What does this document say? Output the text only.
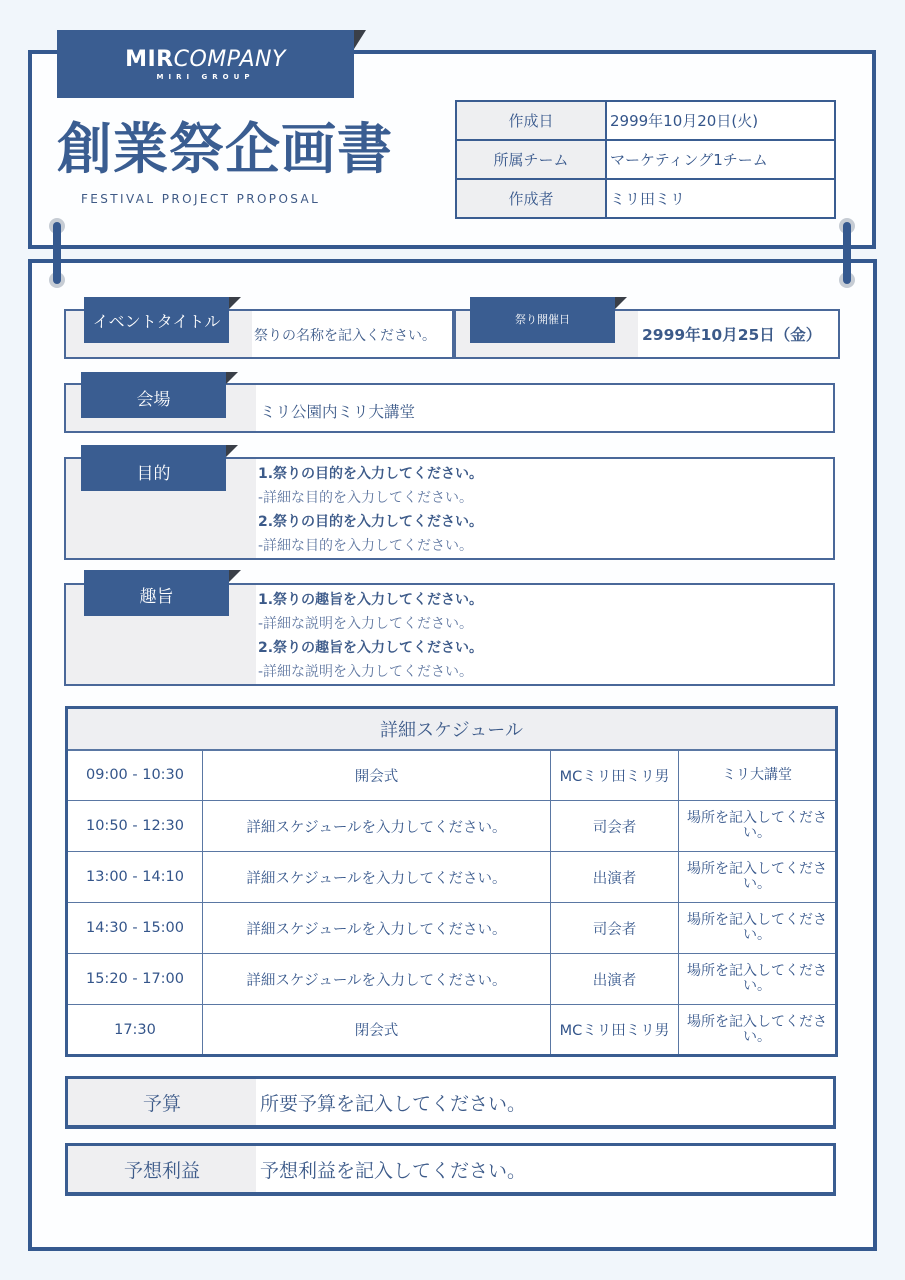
MIRCOMPANY
MIRI GROUP
創業祭企画書
FESTIVAL PROJECT PROPOSAL
作成日	2999年10月20日(火)
所属チーム	マーケティング1チーム
作成者	ミリ田ミリ
祭りの名称を記入ください。
イベントタイトル
2999年10月25日（金）
祭り開催日
ミリ公園内ミリ大講堂
会場
1.祭りの目的を入力してください。
-詳細な目的を入力してください。
2.祭りの目的を入力してください。
-詳細な目的を入力してください。
目的
1.祭りの趣旨を入力してください。
-詳細な説明を入力してください。
2.祭りの趣旨を入力してください。
-詳細な説明を入力してください。
趣旨
詳細スケジュール			
09:00 - 10:30	開会式	MCミリ田ミリ男	ミリ大講堂
10:50 - 12:30	詳細スケジュールを入力してください。	司会者	場所を記入してください。
13:00 - 14:10	詳細スケジュールを入力してください。	出演者	場所を記入してください。
14:30 - 15:00	詳細スケジュールを入力してください。	司会者	場所を記入してください。
15:20 - 17:00	詳細スケジュールを入力してください。	出演者	場所を記入してください。
17:30	閉会式	MCミリ田ミリ男	場所を記入してください。
予算	所要予算を記入してください。
予想利益	予想利益を記入してください。
